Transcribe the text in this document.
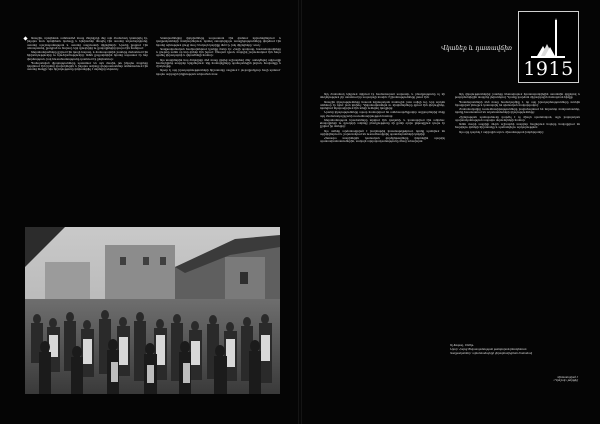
Առաջին, որովհետև ամենամեծ մասը ժողովրդի մեջ այն ժամանակ կոտորվել էր, ինչպես նաև որովհետև կանայք և երեխաներ մնացել էին առանց տղամարդկանց, առանց պաշտպանության և առանց ապրուստի միջոցների: Նրանք քայլում էին անապատով, քաղցած ու ծարավ, երբ գյուղերից ու քաղաքներից դուրս էին հանվում:

Տեղահանվածները քշվում էին դեպի հարավ, և ճանապարհին շատերը մահանում էին հիվանդությունից ու հյուծվածությունից: Ամեն քայլափոխին նրանց սպասում էր նոր փորձություն, իսկ հուսահատությունը դառնում էր ընդհանուր:

Պահպանված վկայությունները պատմում են այն մասին, թե ինչպես մայրերը կորցնում էին իրենց զավակներին և ինչպես ամբողջ գերդաստաններ անհետանում էին առանց հետքի: Այս հիշողությունը փոխանցվել է սերնդից սերունդ:

Կոտորածներից փրկվածները ապաստան էին գտնում որբանոցներում և գաղթականների ճամբարներում, որտեղ օտարերկրյա առաքելությունները փորձում էին նրանց օգնություն ցույց տալ: Սակայն կարիքը մեծ էր, իսկ միջոցները՝ սուղ:

Գաղթականական ճամբարներում կյանքը ծանր էր: Հացի պակասը, համաճարակները և ցուրտը ամեն օր նոր զոհեր էին խլում: Չնայած դրան, մարդիկ շարունակում էին հույս պահել վերադարձի և վերածննդի համար:

Այս տարիներին հայ ժողովրդի մեծ մասը ցրվեց աշխարհով մեկ՝ ստեղծելով սփյուռքի համայնքներ տարբեր երկրներում: Այդ համայնքները պահպանեցին լեզուն, հավատքը և մշակույթը:

Այսօր էլ այդ իրադարձությունների հիշատակը ապրում է յուրաքանչյուր հայի սրտում՝ որպես ազգային ինքնության անբաժան մաս:	1915
Վկաներ և դատավճիռ

Այդ ժամանակ երկրում տիրում էր համատարած սարսափ, և բնակչությունը ոչ մի տեղեկություն չէր ստանում իր ապագայի մասին: Իշխանությունները լռում էին:

Առաջին վկայությունները հասան եվրոպական մամուլին շատ ավելի ուշ, երբ արդեն անհնար էր որևէ բան փոխել: Դիվանագետներն ու միսիոներները գրում էին զեկույցներ, որոնցում նկարագրվում էին տեղի ունեցող դեպքերը:

Նրանց վկայությունները այսօր համարվում են ամենաարժեքավոր աղբյուրներից մեկը այդ ժամանակաշրջանի ուսումնասիրության համար:

Տեղահանության հրամանները տրվում էին գաղտնի, և կատարվում էին անխնա: Քաղաքների ու գյուղերի ամբողջ բնակչությունը մի քանի օրվա ընթացքում դուրս էր քշվում իր տներից:

Այս ամենը արձանագրված է բազմաթիվ փաստաթղթերում, որոնք պահվում են արխիվներում և շարունակում են ուսումնասիրվել պատմաբանների կողմից:

Հետագա տարիներին դատական գործընթացները փորձեցին պարզել պատասխանատուներին, սակայն արդարադատությունը մնաց անավարտ:

Այդ վկայություններից շատերը հետագայում հրատարակվեցին առանձին գրքերով և թարգմանվեցին տարբեր լեզուներով: Դրանք դարձան միջազգային ճանաչման հիմքը:

Պատմաբանների մեծ մասը համակարծիք է, որ այդ իրադարձությունները ունեին ծրագրված բնույթ և կատարվել են պետական մակարդակով:

Ժամանակակից ուսումնասիրությունները բացահայտում են նորանոր մանրամասներ, որոնք հաստատում են ականատեսների վկայությունները:

Հիշողության պահպանումը դարձել է ոչ միայն պատմական, այլև բարոյական պարտականություն ապագա սերունդների համար:

Ամեն տարի ապրիլի 24-ին աշխարհի տարբեր ծայրերում հայերը հավաքվում են հարգելու զոհերի հիշատակը և պահանջելու արդարություն:

Այս օրը դարձել է ազգային սգո և միասնության խորհրդանիշ:

Ալ Ֆաթալ, 1920թ.
Նկար՝ Հայոց Ցեղասպանության թանգարան-ինստիտուտ
Գաղթականներ՝ արևմտահայերի վերաբնակեցման ժամանակ
Արտատպված է
«Դրոշակ» թերթից
